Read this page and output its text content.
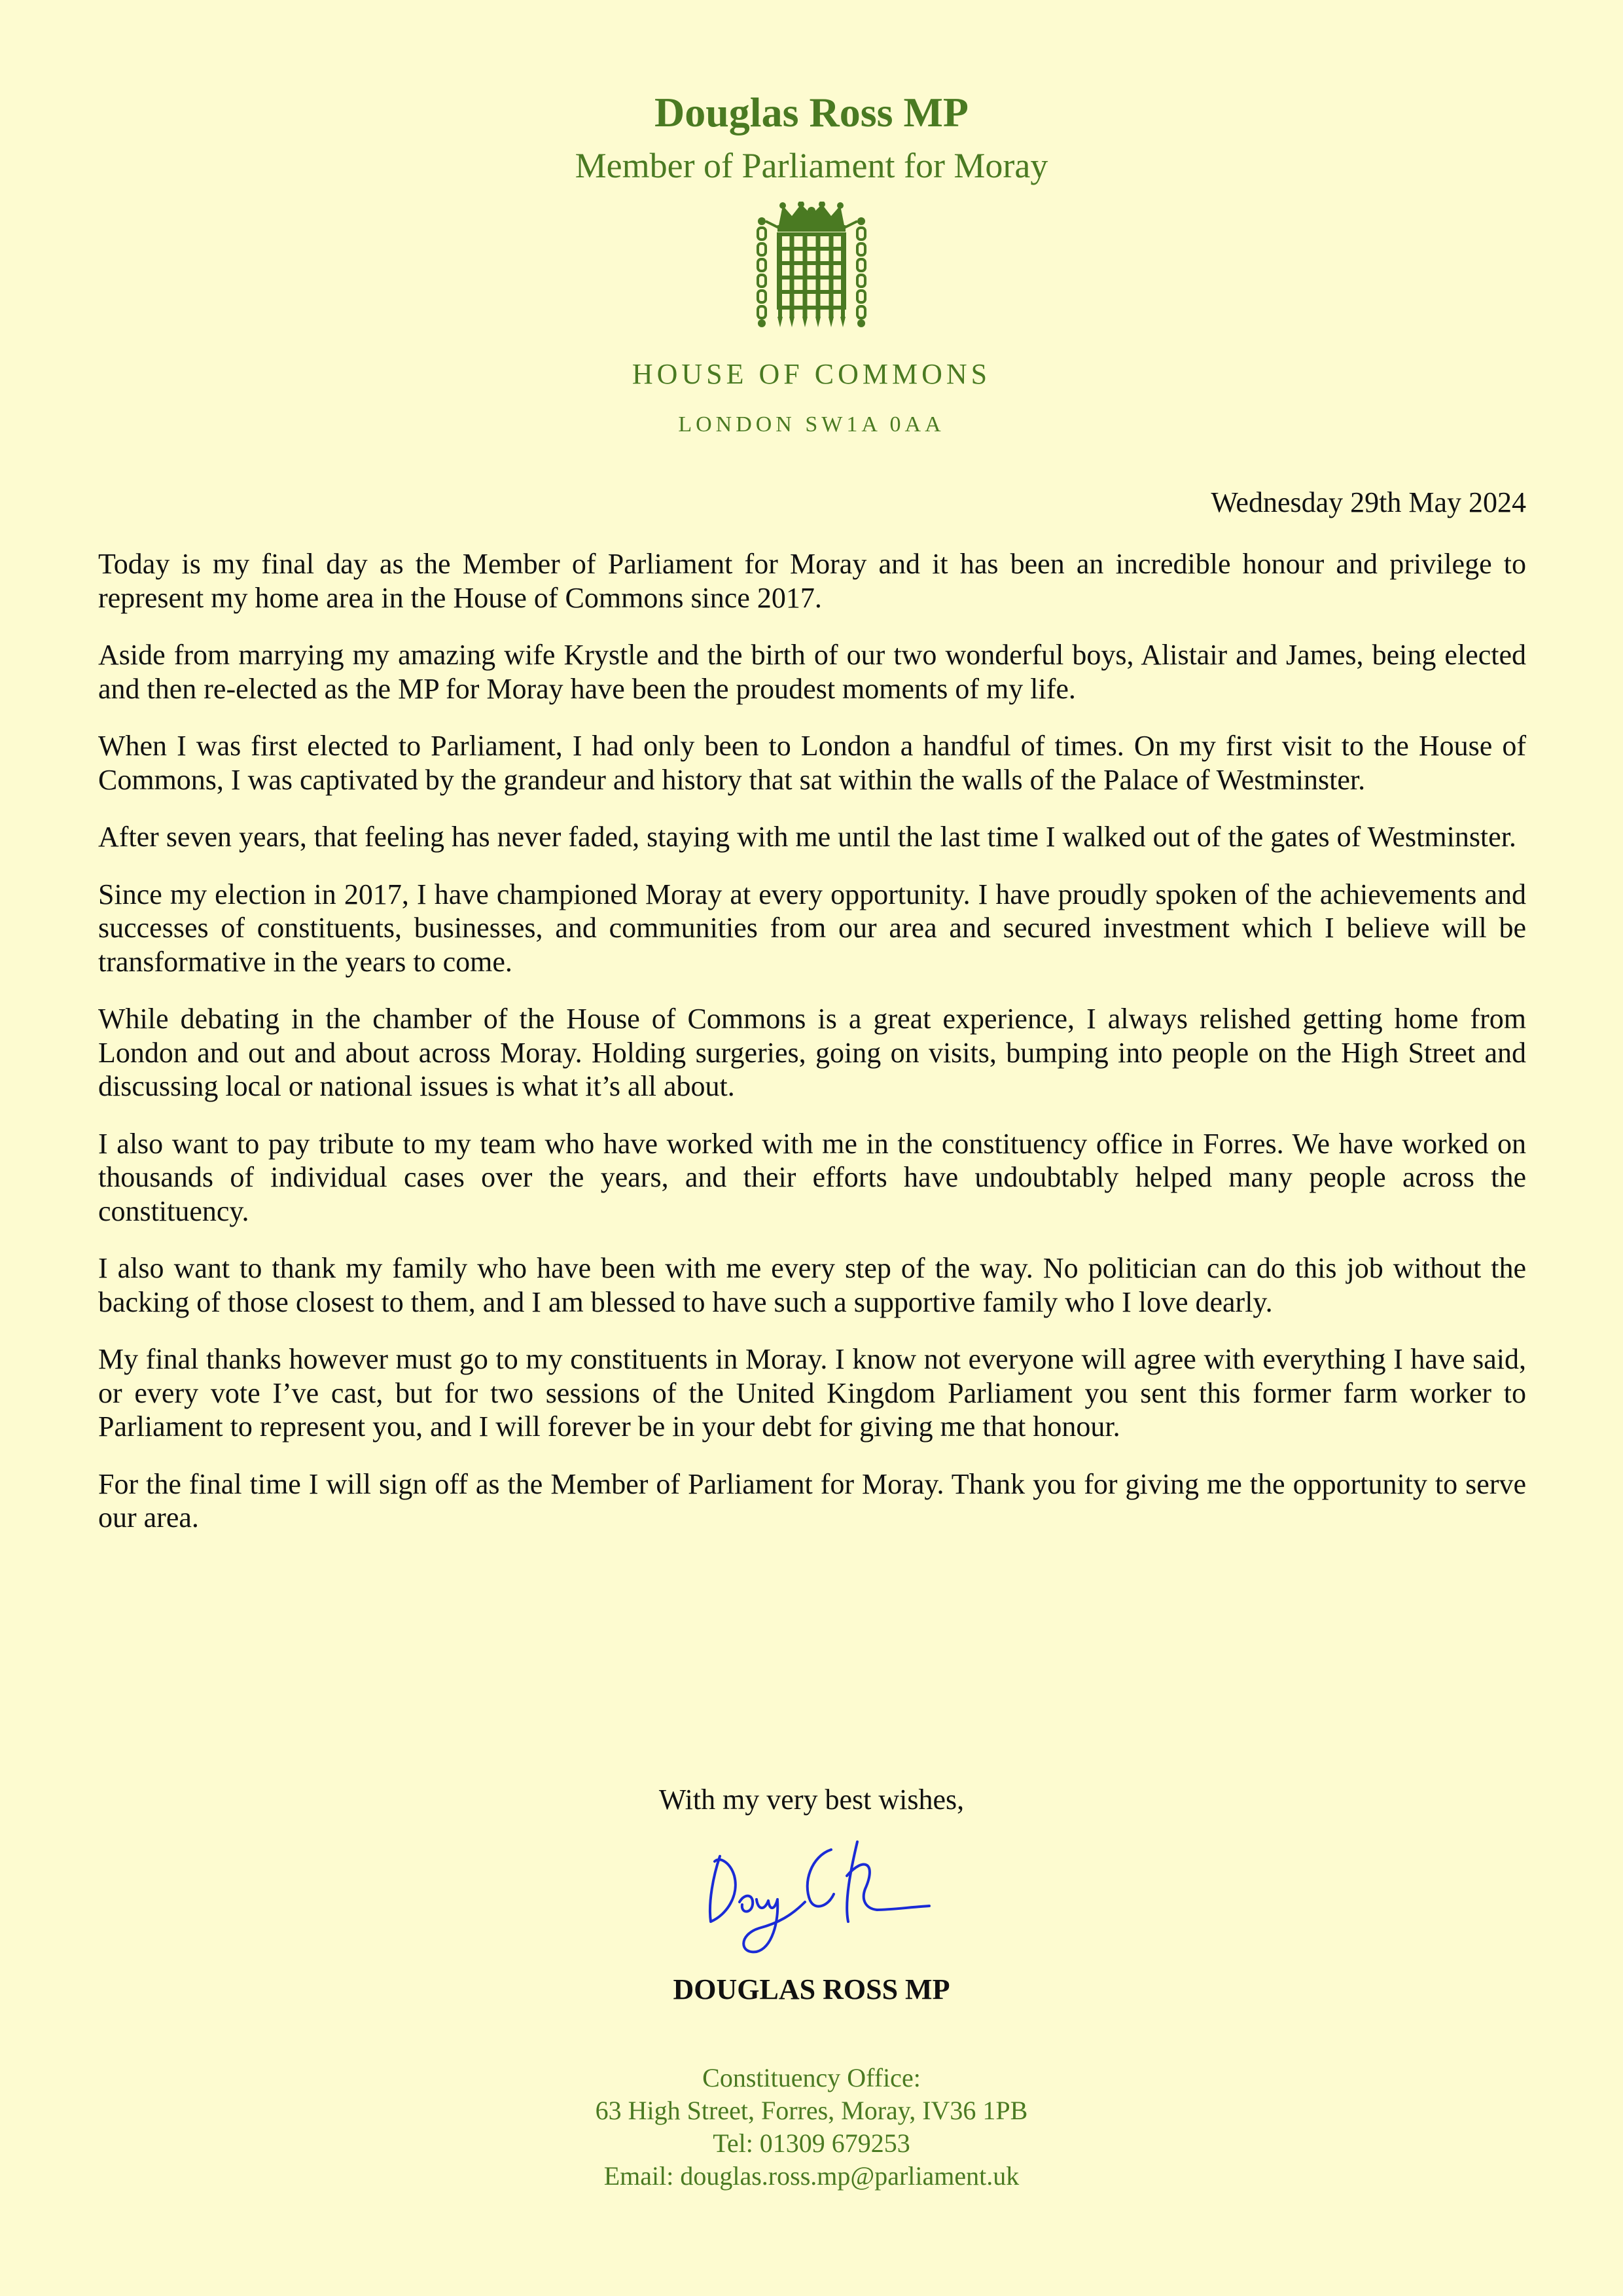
Douglas Ross MP
Member of Parliament for Moray
HOUSE OF COMMONS
LONDON SW1A 0AA
Wednesday 29th May 2024

Today is my final day as the Member of Parliament for Moray and it has been an incredible honour and privilege to represent my home area in the House of Commons since 2017.

Aside from marrying my amazing wife Krystle and the birth of our two wonderful boys, Alistair and James, being elected and then re-elected as the MP for Moray have been the proudest moments of my life.

When I was first elected to Parliament, I had only been to London a handful of times. On my first visit to the House of Commons, I was captivated by the grandeur and history that sat within the walls of the Palace of Westminster.

After seven years, that feeling has never faded, staying with me until the last time I walked out of the gates of Westminster.

Since my election in 2017, I have championed Moray at every opportunity. I have proudly spoken of the achievements and successes of constituents, businesses, and communities from our area and secured investment which I believe will be transformative in the years to come.

While debating in the chamber of the House of Commons is a great experience, I always relished getting home from London and out and about across Moray. Holding surgeries, going on visits, bumping into people on the High Street and discussing local or national issues is what it’s all about.

I also want to pay tribute to my team who have worked with me in the constituency office in Forres. We have worked on thousands of individual cases over the years, and their efforts have undoubtably helped many people across the constituency.

I also want to thank my family who have been with me every step of the way. No politician can do this job without the backing of those closest to them, and I am blessed to have such a supportive family who I love dearly.

My final thanks however must go to my constituents in Moray. I know not everyone will agree with everything I have said, or every vote I’ve cast, but for two sessions of the United Kingdom Parliament you sent this former farm worker to Parliament to represent you, and I will forever be in your debt for giving me that honour.

For the final time I will sign off as the Member of Parliament for Moray. Thank you for giving me the opportunity to serve our area.

With my very best wishes,
DOUGLAS ROSS MP
Constituency Office:
63 High Street, Forres, Moray, IV36 1PB
Tel: 01309 679253
Email: douglas.ross.mp@parliament.uk
